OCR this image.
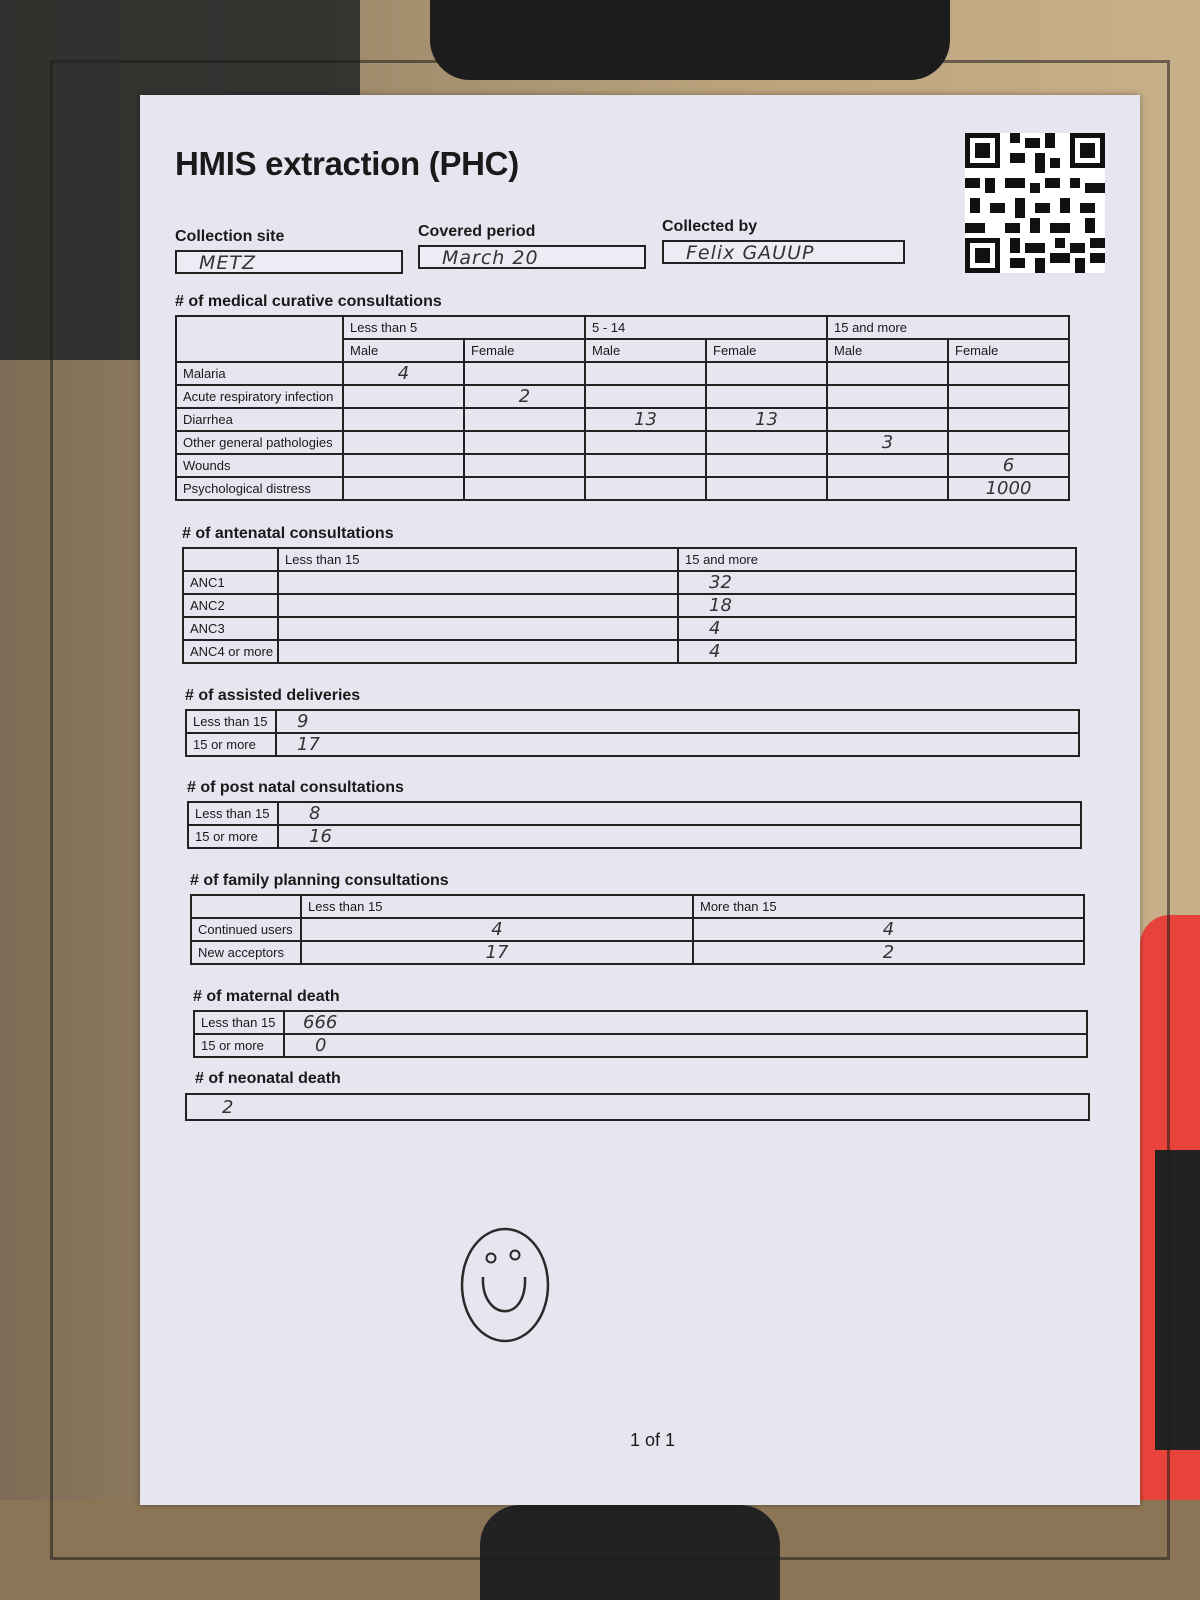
HMIS extraction (PHC)
Collection site
METZ
Covered period
March 20
Collected by
Felix GAUUP
# of medical curative consultations
	Less than 5		5 - 14		15 and more	
	Male	Female	Male	Female	Male	Female
Malaria	4					
Acute respiratory infection		2				
Diarrhea			13	13		
Other general pathologies					3	
Wounds						6
Psychological distress						1000
# of antenatal consultations
	Less than 15	15 and more
ANC1		32
ANC2		18
ANC3		4
ANC4 or more		4
# of assisted deliveries
Less than 15	9
15 or more	17
# of post natal consultations
Less than 15	8
15 or more	16
# of family planning consultations
	Less than 15	More than 15
Continued users	4	4
New acceptors	17	2
# of maternal death
Less than 15	666
15 or more	0
# of neonatal death
2
1 of 1
